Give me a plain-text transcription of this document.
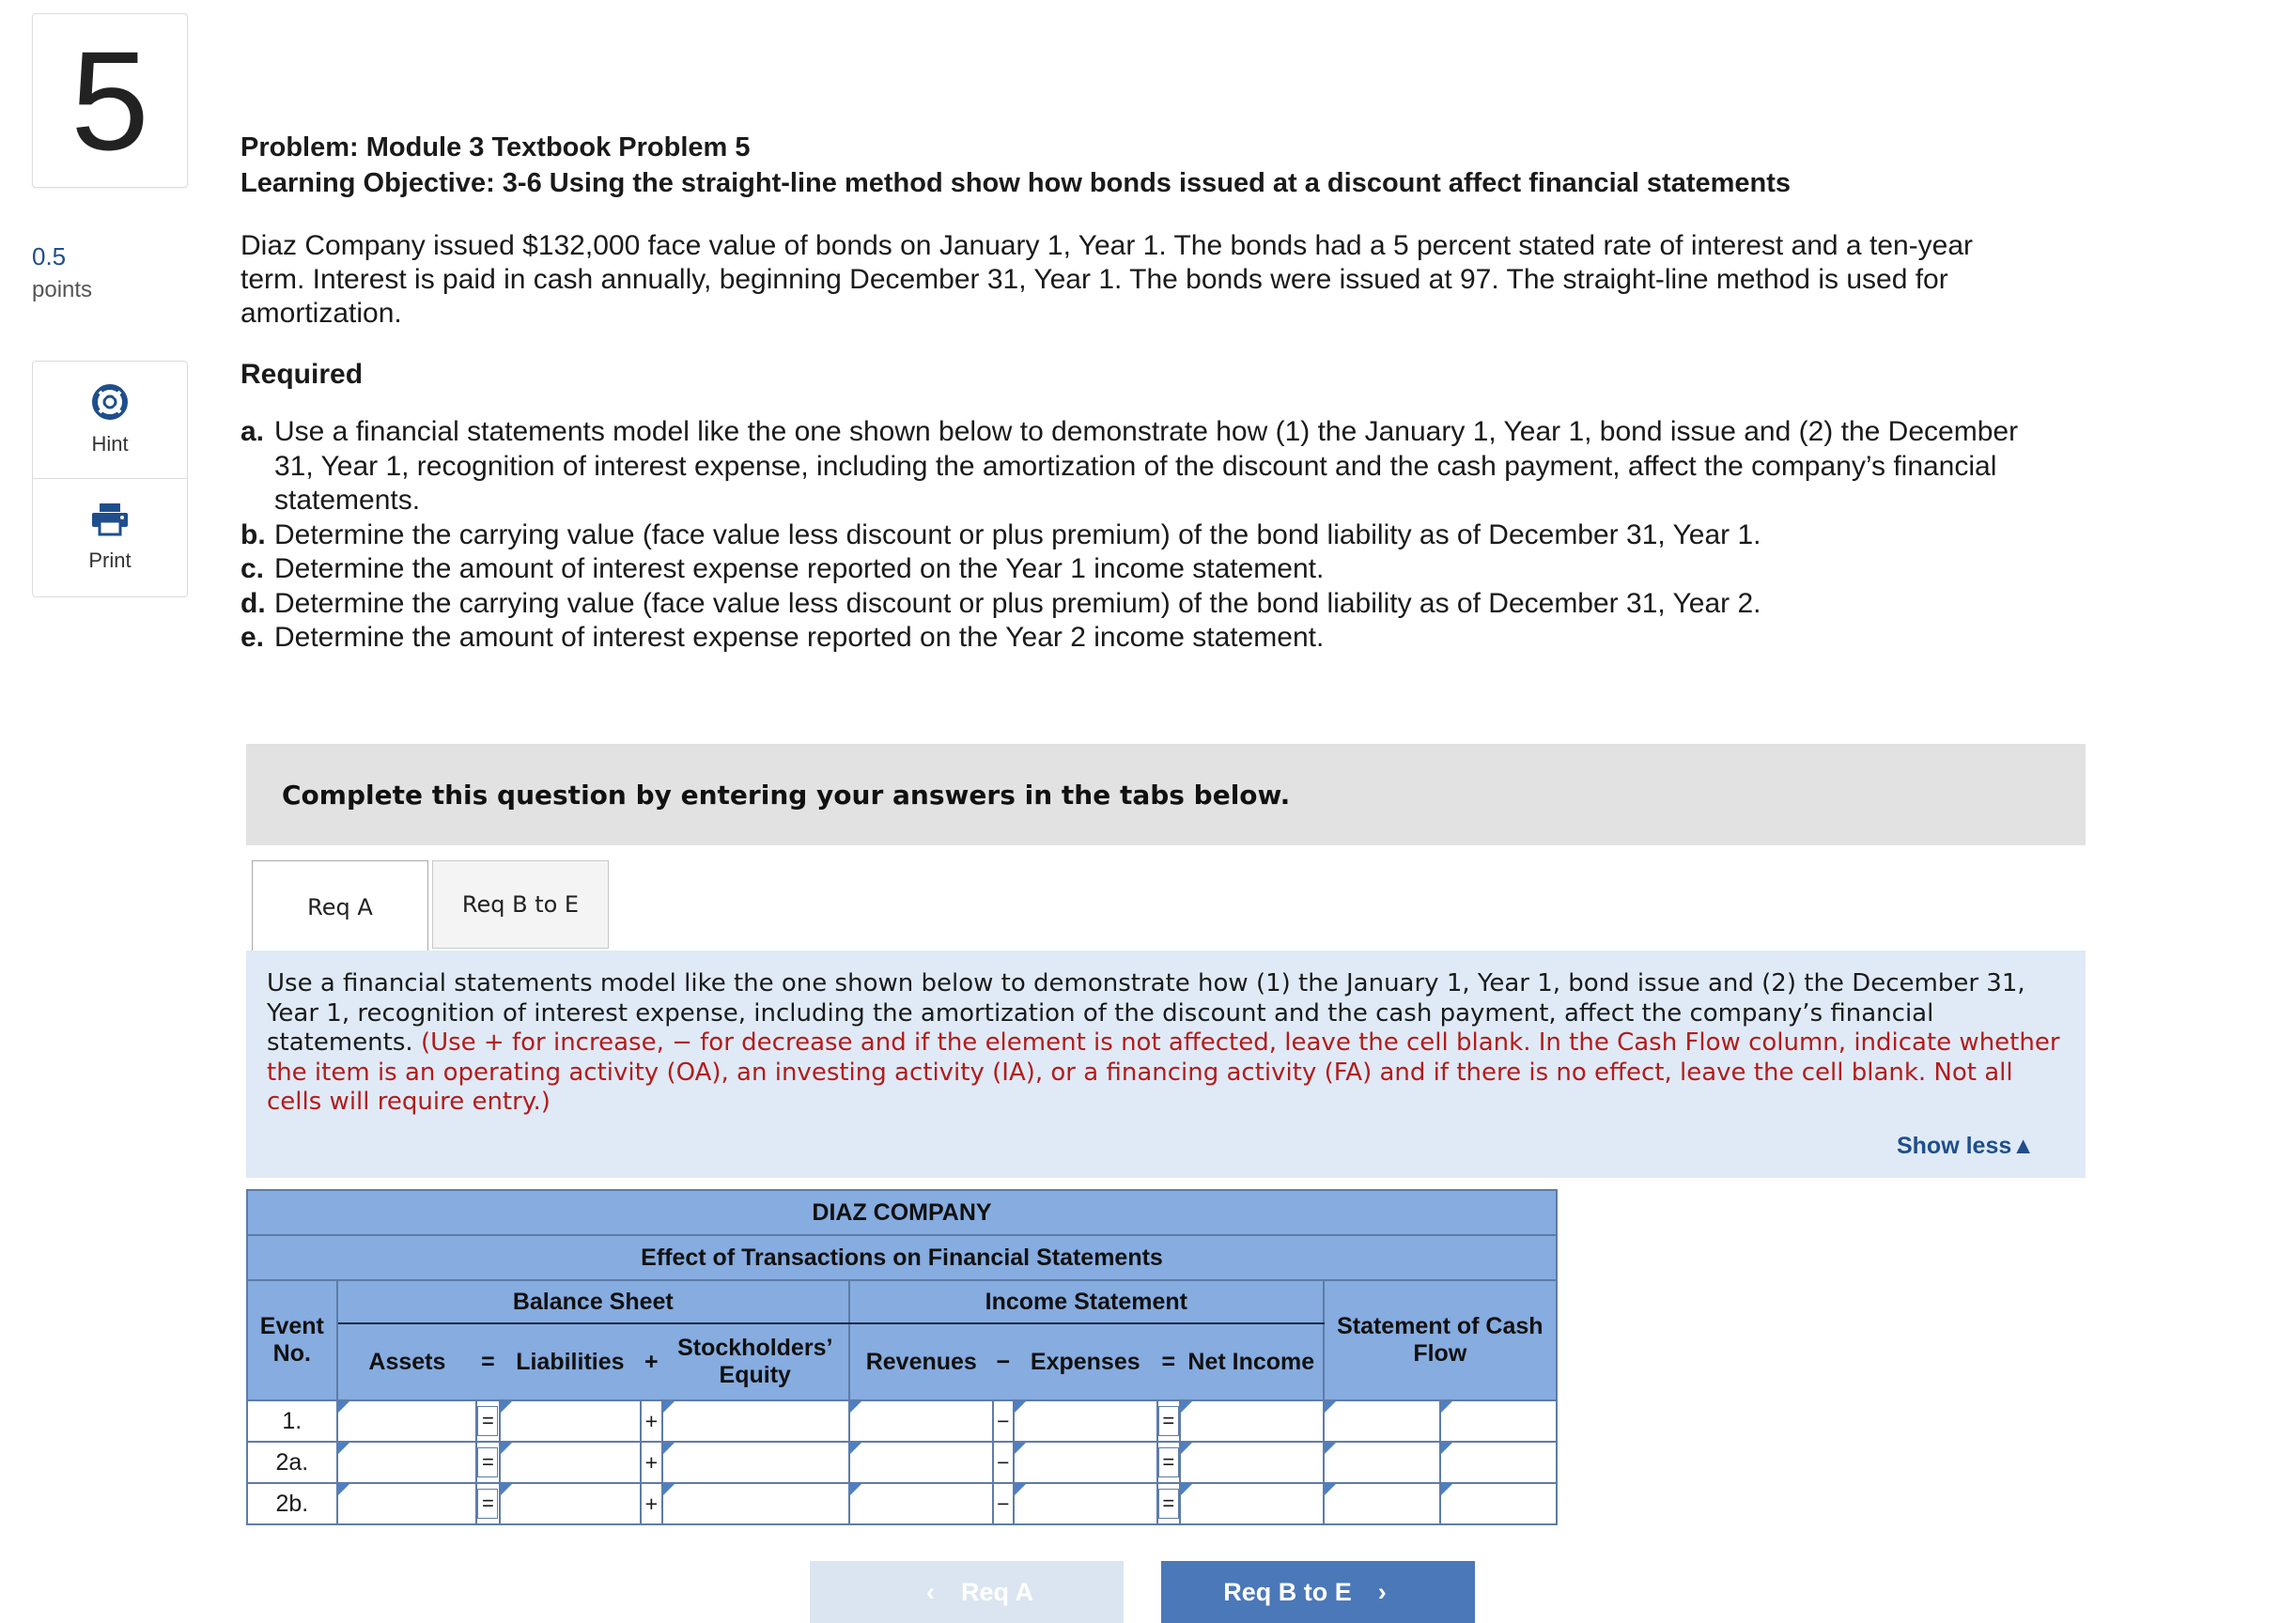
5
0.5
points
Hint
Print
Problem: Module 3 Textbook Problem 5
Learning Objective: 3-6 Using the straight-line method show how bonds issued at a discount affect financial statements
Diaz Company issued $132,000 face value of bonds on January 1, Year 1. The bonds had a 5 percent stated rate of interest and a ten-year term. Interest is paid in cash annually, beginning December 31, Year 1. The bonds were issued at 97. The straight-line method is used for amortization.
Required
a. Use a financial statements model like the one shown below to demonstrate how (1) the January 1, Year 1, bond issue and (2) the December 31, Year 1, recognition of interest expense, including the amortization of the discount and the cash payment, affect the company’s financial statements.
b. Determine the carrying value (face value less discount or plus premium) of the bond liability as of December 31, Year 1.
c. Determine the amount of interest expense reported on the Year 1 income statement.
d. Determine the carrying value (face value less discount or plus premium) of the bond liability as of December 31, Year 2.
e. Determine the amount of interest expense reported on the Year 2 income statement.
Complete this question by entering your answers in the tabs below.
Req A	Req B to E
Use a financial statements model like the one shown below to demonstrate how (1) the January 1, Year 1, bond issue and (2) the December 31, Year 1, recognition of interest expense, including the amortization of the discount and the cash payment, affect the company’s financial statements. (Use + for increase, − for decrease and if the element is not affected, leave the cell blank. In the Cash Flow column, indicate whether the item is an operating activity (OA), an investing activity (IA), or a financing activity (FA) and if there is no effect, leave the cell blank. Not all cells will require entry.)
Show less▲
DIAZ COMPANY												
Effect of Transactions on Financial Statements												
Event No.	Balance Sheet					Income Statement					Statement of Cash Flow	
	Assets	=	Liabilities	+	Stockholders’ Equity	Revenues	−	Expenses	=	Net Income		
1.		=		+			−		=			
2a.		=		+			−		=			
2b.		=		+			−		=			
‹ Req A	Req B to E ›
